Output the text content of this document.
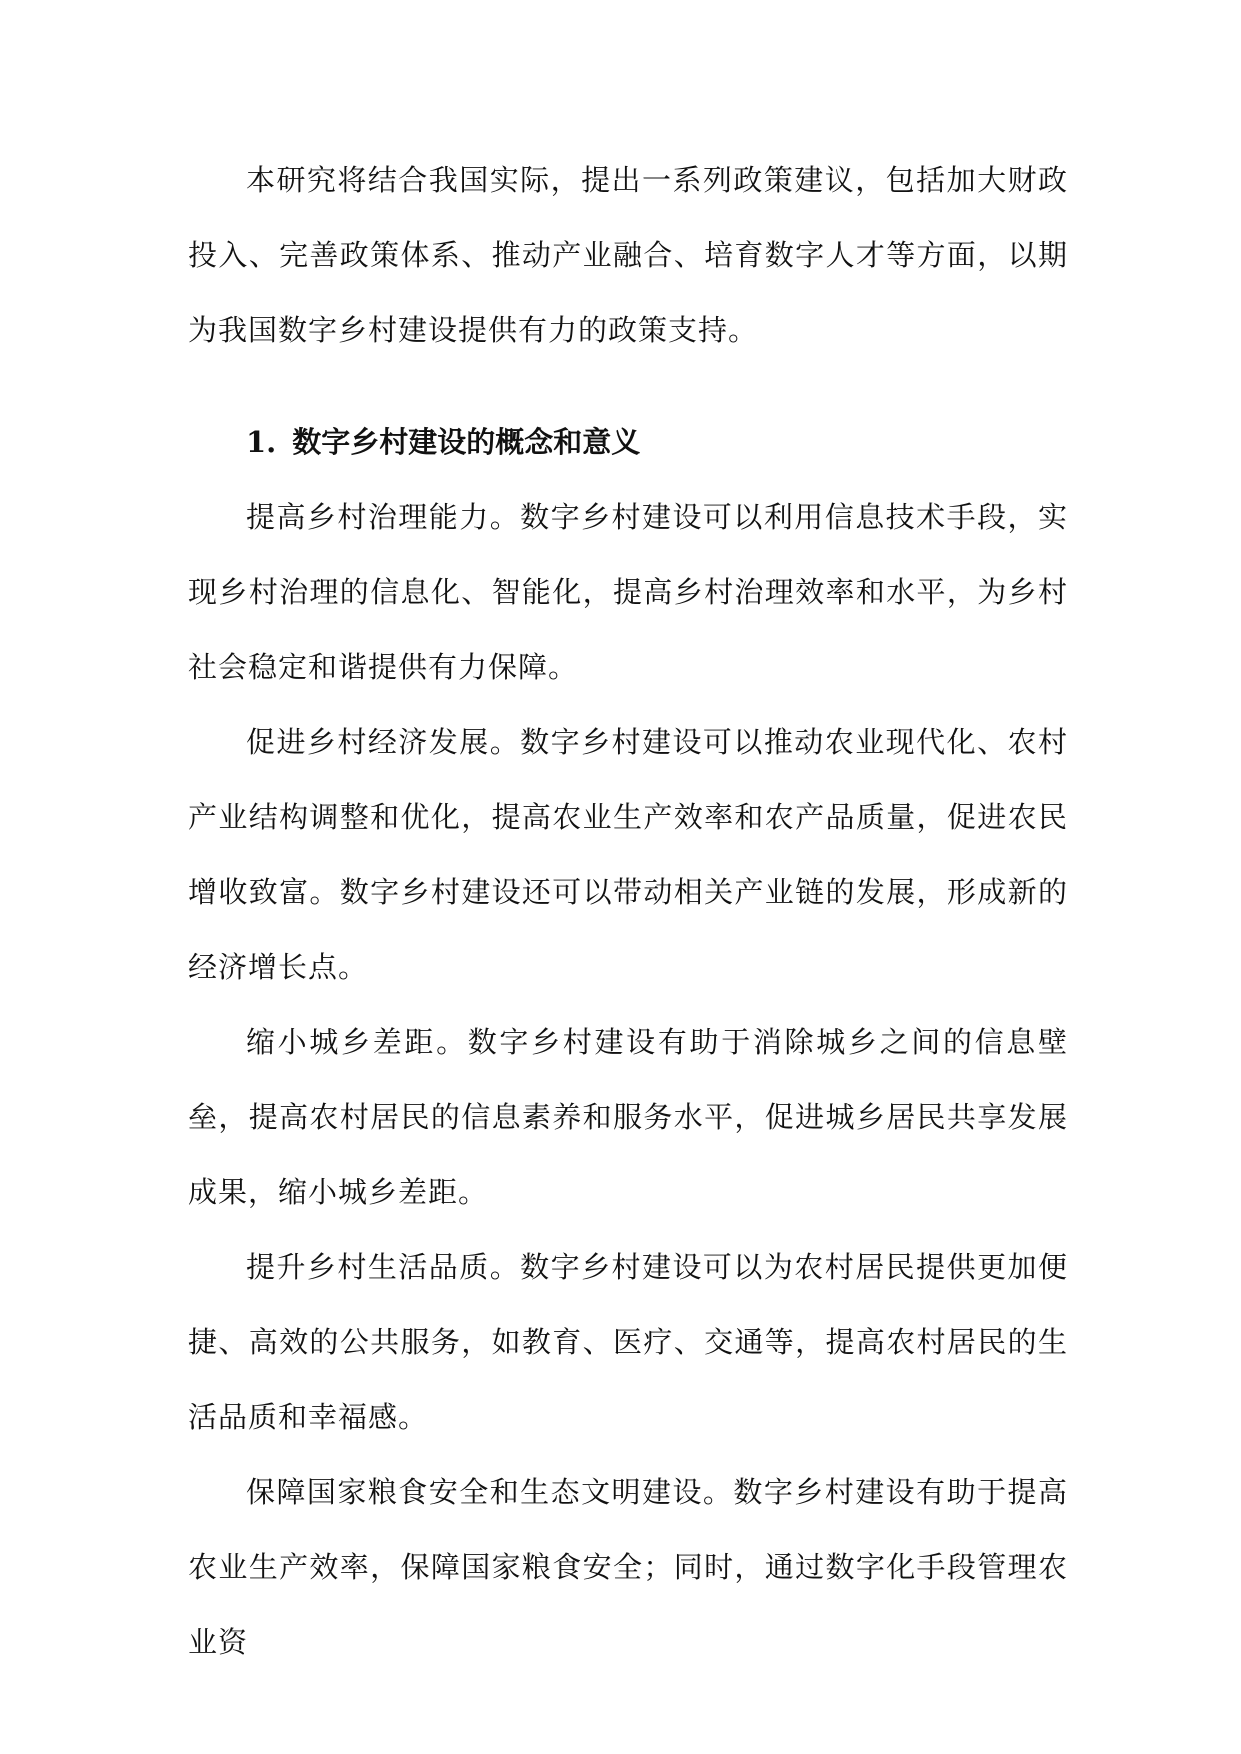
本研究将结合我国实际，提出一系列政策建议，包括加大财政投入、完善政策体系、推动产业融合、培育数字人才等方面，以期为我国数字乡村建设提供有力的政策支持。

1. 数字乡村建设的概念和意义

提高乡村治理能力。数字乡村建设可以利用信息技术手段，实现乡村治理的信息化、智能化，提高乡村治理效率和水平，为乡村社会稳定和谐提供有力保障。

促进乡村经济发展。数字乡村建设可以推动农业现代化、农村产业结构调整和优化，提高农业生产效率和农产品质量，促进农民增收致富。数字乡村建设还可以带动相关产业链的发展，形成新的经济增长点。

缩小城乡差距。数字乡村建设有助于消除城乡之间的信息壁垒，提高农村居民的信息素养和服务水平，促进城乡居民共享发展成果，缩小城乡差距。

提升乡村生活品质。数字乡村建设可以为农村居民提供更加便捷、高效的公共服务，如教育、医疗、交通等，提高农村居民的生活品质和幸福感。

保障国家粮食安全和生态文明建设。数字乡村建设有助于提高农业生产效率，保障国家粮食安全；同时，通过数字化手段管理农业资
